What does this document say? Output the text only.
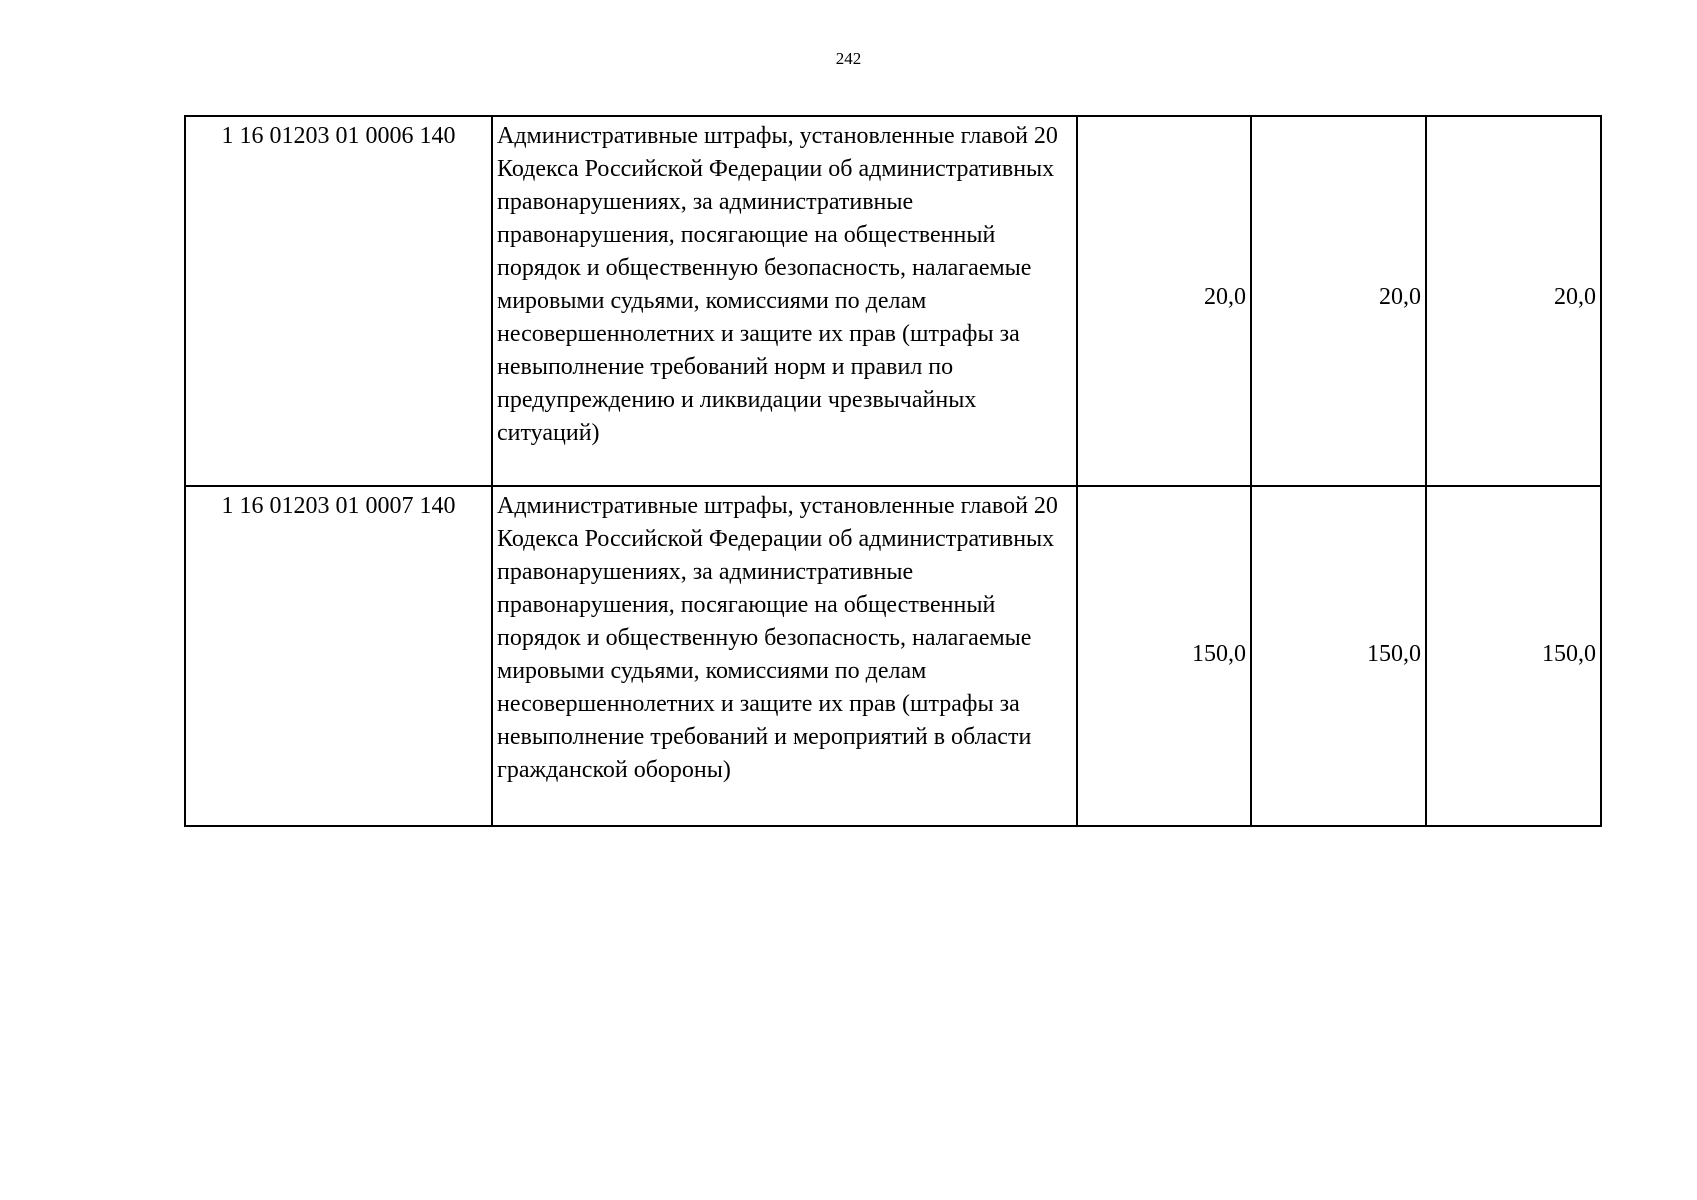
242
1 16 01203 01 0006 140	Административные штрафы, установленные главой 20 Кодекса Российской Федерации об административных правонарушениях, за административные правонарушения, посягающие на общественный порядок и общественную безопасность, налагаемые мировыми судьями, комиссиями по делам несовершеннолетних и защите их прав (штрафы за невыполнение требований норм и правил по предупреждению и ликвидации чрезвычайных ситуаций)	20,0	20,0	20,0
1 16 01203 01 0007 140	Административные штрафы, установленные главой 20 Кодекса Российской Федерации об административных правонарушениях, за административные правонарушения, посягающие на общественный порядок и общественную безопасность, налагаемые мировыми судьями, комиссиями по делам несовершеннолетних и защите их прав (штрафы за невыполнение требований и мероприятий в области гражданской обороны)	150,0	150,0	150,0
